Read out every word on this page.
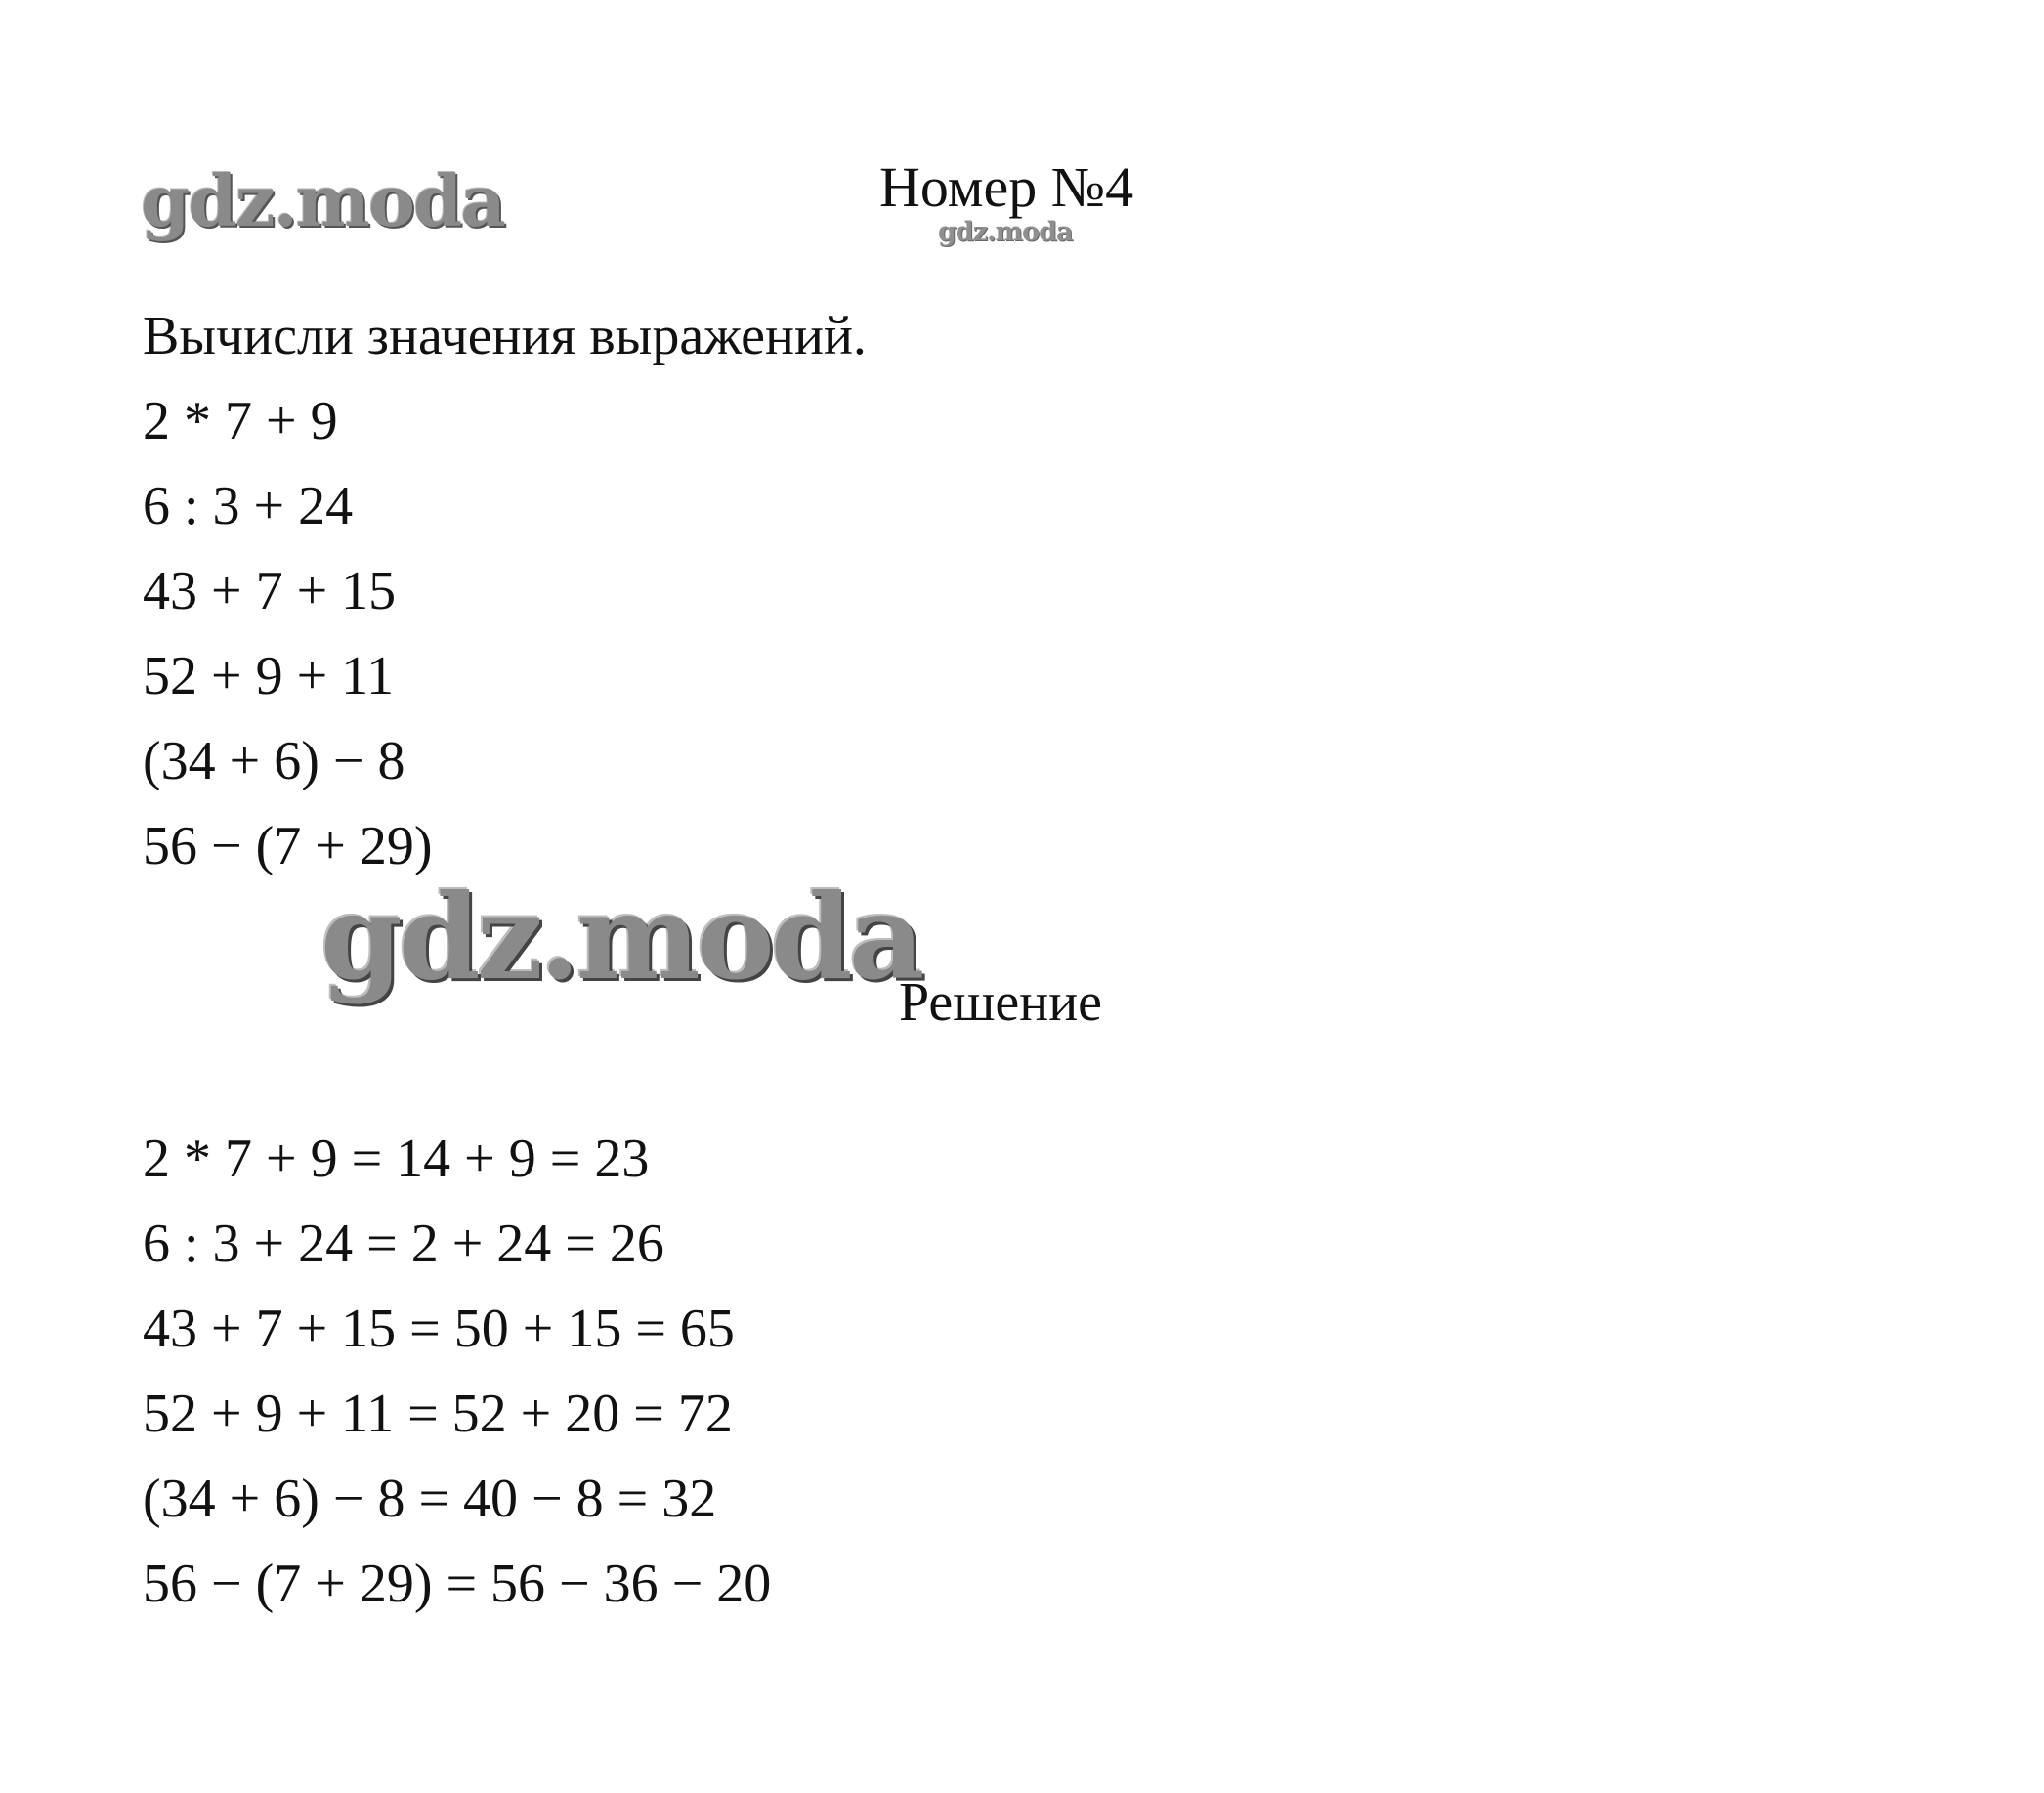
gdz.moda	Номер №4
gdz.moda
Вычисли значения выражений.
2 * 7 + 9
6 : 3 + 24
43 + 7 + 15
52 + 9 + 11
(34 + 6) − 8
56 − (7 + 29)
gdz.moda
Решение
2 * 7 + 9 = 14 + 9 = 23
6 : 3 + 24 = 2 + 24 = 26
43 + 7 + 15 = 50 + 15 = 65
52 + 9 + 11 = 52 + 20 = 72
(34 + 6) − 8 = 40 − 8 = 32
56 − (7 + 29) = 56 − 36 − 20
